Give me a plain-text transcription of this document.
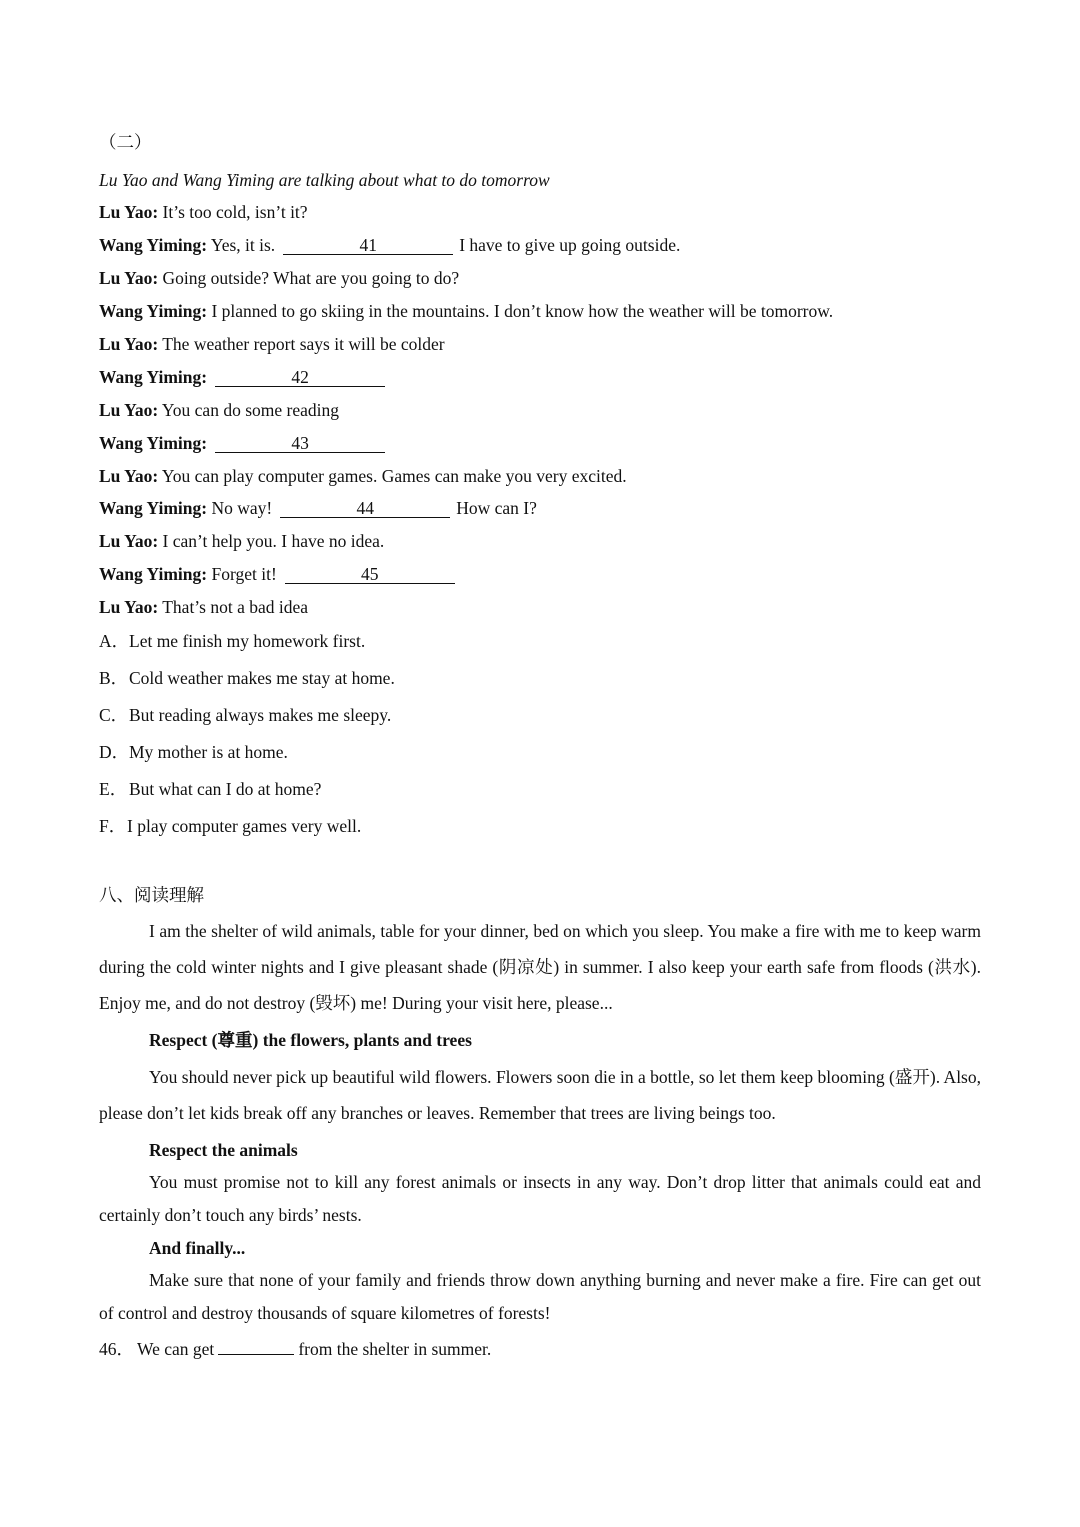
（二）
Lu Yao and Wang Yiming are talking about what to do tomorrow
Lu Yao: It’s too cold, isn’t it?
Wang Yiming: Yes, it is.	41	I have to give up going outside.
Lu Yao: Going outside? What are you going to do?
Wang Yiming: I planned to go skiing in the mountains. I don’t know how the weather will be tomorrow.
Lu Yao: The weather report says it will be colder
Wang Yiming:	42
Lu Yao: You can do some reading
Wang Yiming:	43
Lu Yao: You can play computer games. Games can make you very excited.
Wang Yiming: No way!	44	How can I?
Lu Yao: I can’t help you. I have no idea.
Wang Yiming: Forget it!	45
Lu Yao: That’s not a bad idea
A．Let me finish my homework first.
B．Cold weather makes me stay at home.
C．But reading always makes me sleepy.
D．My mother is at home.
E． But what can I do at home?
F．I play computer games very well.
八、阅读理解
I am the shelter of wild animals, table for your dinner, bed on which you sleep. You make a fire with me to keep warm during the cold winter nights and I give pleasant shade (阴凉处) in summer. I also keep your earth safe from floods (洪水). Enjoy me, and do not destroy (毁坏) me! During your visit here, please...
Respect (尊重) the flowers, plants and trees
You should never pick up beautiful wild flowers. Flowers soon die in a bottle, so let them keep blooming (盛开). Also, please don’t let kids break off any branches or leaves. Remember that trees are living beings too.
Respect the animals
You must promise not to kill any forest animals or insects in any way. Don’t drop litter that animals could eat and certainly don’t touch any birds’ nests.
And finally...
Make sure that none of your family and friends throw down anything burning and never make a fire. Fire can get out of control and destroy thousands of square kilometres of forests!
46． We can get	from the shelter in summer.
